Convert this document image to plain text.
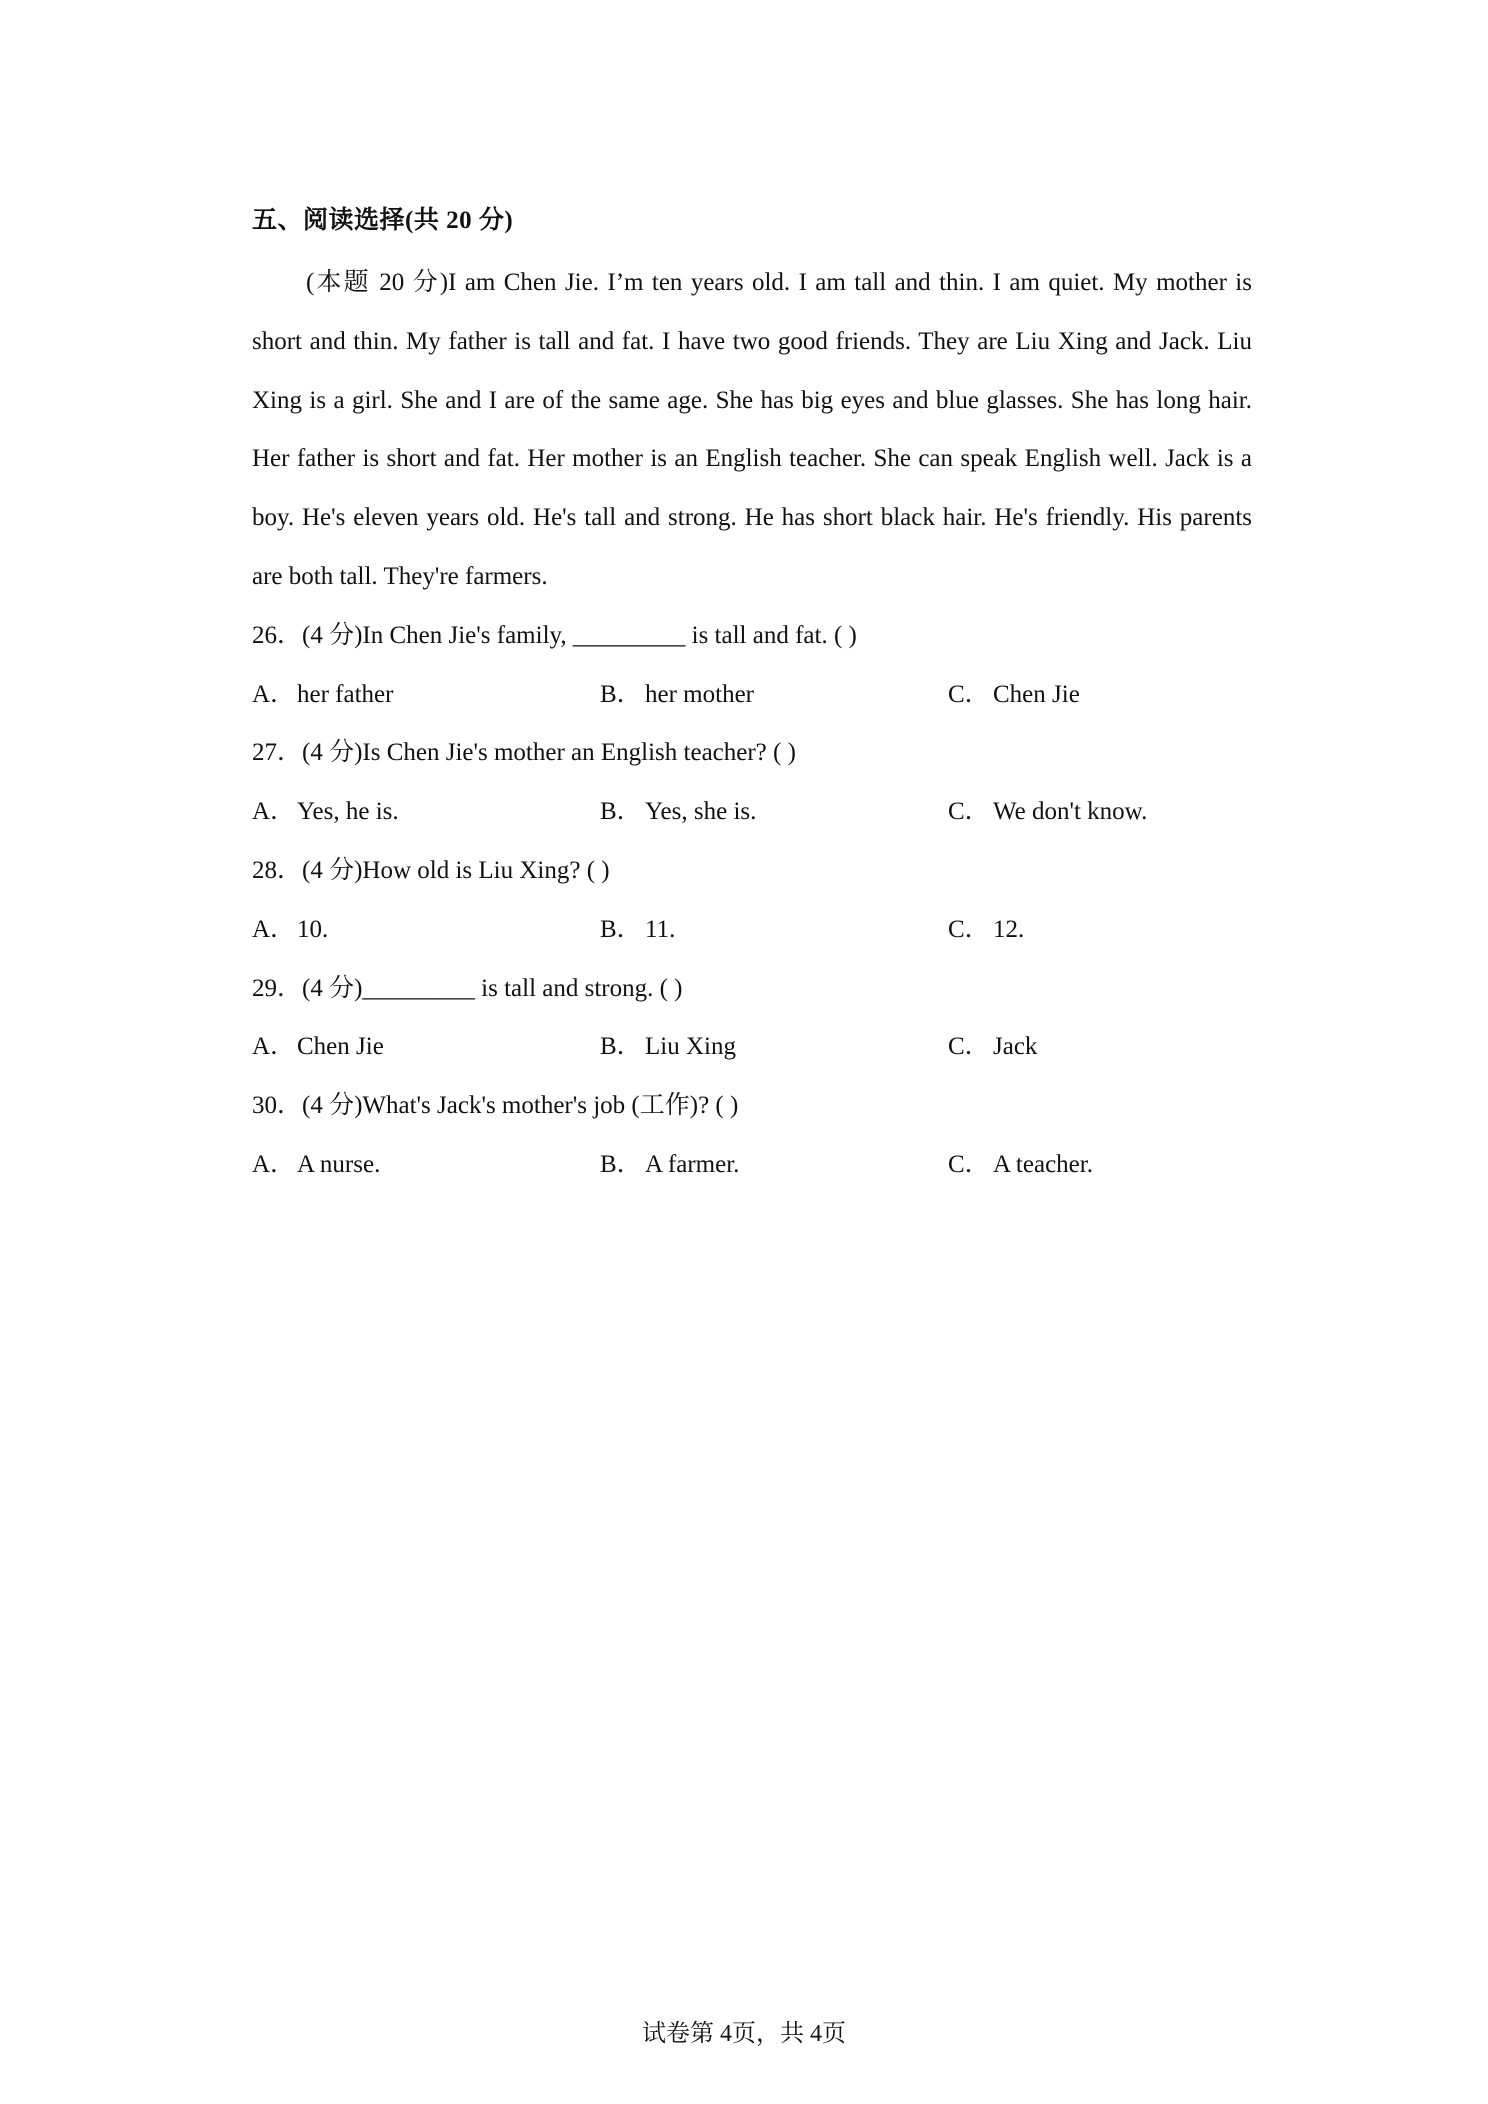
五、阅读选择(共 20 分)

(本题 20 分)I am Chen Jie. I’m ten years old. I am tall and thin. I am quiet. My mother is short and thin. My father is tall and fat. I have two good friends. They are Liu Xing and Jack. Liu Xing is a girl. She and I are of the same age. She has big eyes and blue glasses. She has long hair. Her father is short and fat. Her mother is an English teacher. She can speak English well. Jack is a boy. He's eleven years old. He's tall and strong. He has short black hair. He's friendly. His parents are both tall. They're farmers.

26．(4 分)In Chen Jie's family, _________ is tall and fat. ( )
A．her father	B． her mother	C． Chen Jie
27．(4 分)Is Chen Jie's mother an English teacher? ( )
A．Yes, he is.	B． Yes, she is.	C． We don't know.
28．(4 分)How old is Liu Xing? ( )
A．10.	B． 11.	C． 12.
29．(4 分)_________ is tall and strong. ( )
A．Chen Jie	B． Liu Xing	C． Jack
30．(4 分)What's Jack's mother's job (工作)? ( )
A．A nurse.	B． A farmer.	C． A teacher.
试卷第 4页，共 4页
